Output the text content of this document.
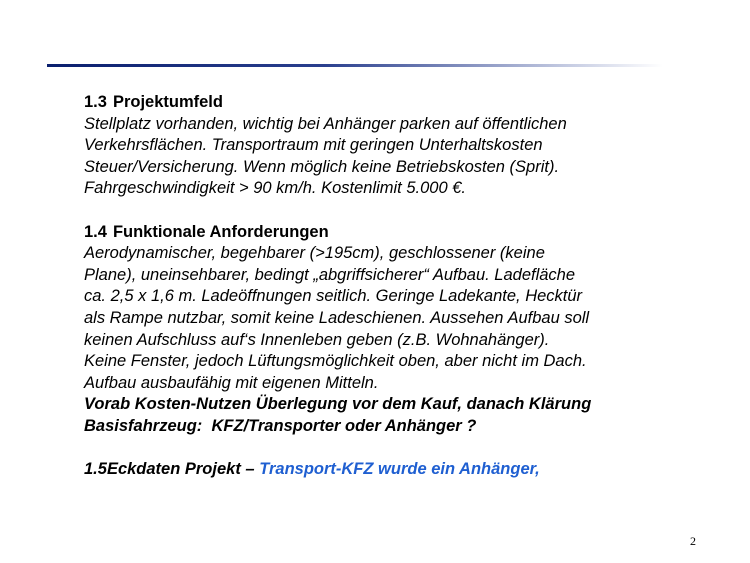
1.3 Projektumfeld
Stellplatz vorhanden, wichtig bei Anhänger parken auf öffentlichen
Verkehrsflächen. Transportraum mit geringen Unterhaltskosten
Steuer/Versicherung. Wenn möglich keine Betriebskosten (Sprit).
Fahrgeschwindigkeit > 90 km/h. Kostenlimit 5.000 €.
1.4 Funktionale Anforderungen
Aerodynamischer, begehbarer (>195cm), geschlossener (keine
Plane), uneinsehbarer, bedingt „abgriffsicherer“ Aufbau. Ladefläche
ca. 2,5 x 1,6 m. Ladeöffnungen seitlich. Geringe Ladekante, Hecktür
als Rampe nutzbar, somit keine Ladeschienen. Aussehen Aufbau soll
keinen Aufschluss auf‘s Innenleben geben (z.B. Wohnahänger).
Keine Fenster, jedoch Lüftungsmöglichkeit oben, aber nicht im Dach.
Aufbau ausbaufähig mit eigenen Mitteln.
Vorab Kosten-Nutzen Überlegung vor dem Kauf, danach Klärung
Basisfahrzeug:  KFZ/Transporter oder Anhänger ?
1.5Eckdaten Projekt – Transport-KFZ wurde ein Anhänger,
2
